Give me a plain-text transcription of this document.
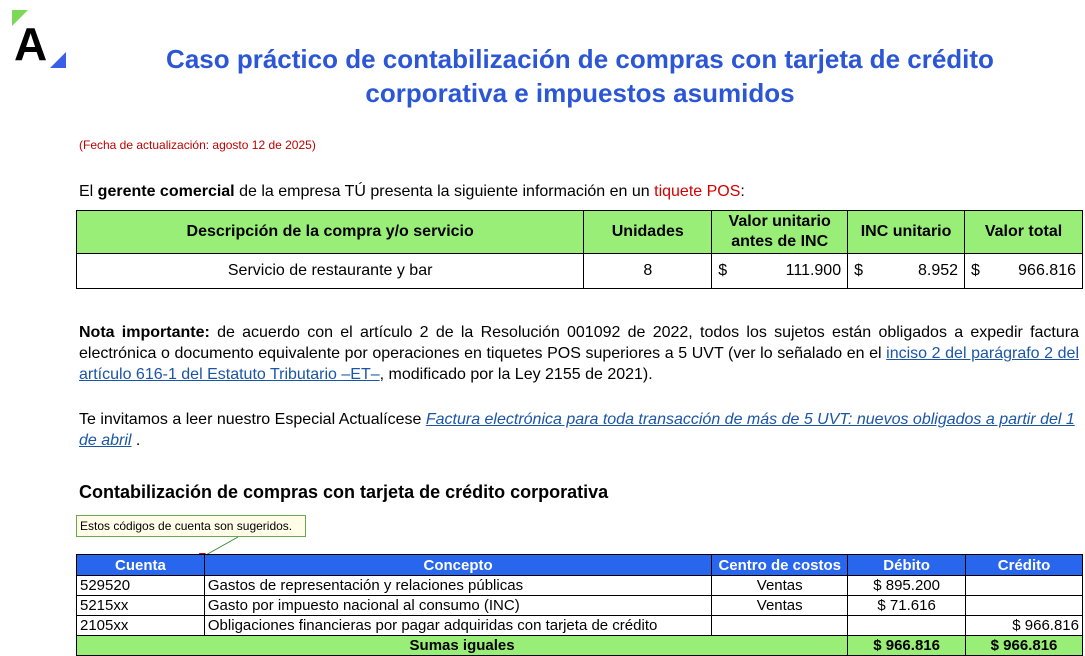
A	Caso práctico de contabilización de compras con tarjeta de crédito corporativa e impuestos asumidos
(Fecha de actualización: agosto 12 de 2025)
El gerente comercial de la empresa TÚ presenta la siguiente información en un tiquete POS:
Descripción de la compra y/o servicio	Unidades	Valor unitario antes de INC	INC unitario	Valor total
Servicio de restaurante y bar	8	$ 111.900	$ 8.952	$ 966.816
Nota importante: de acuerdo con el artículo 2 de la Resolución 001092 de 2022, todos los sujetos están obligados a expedir factura electrónica o documento equivalente por operaciones en tiquetes POS superiores a 5 UVT (ver lo señalado en el inciso 2 del parágrafo 2 del artículo 616-1 del Estatuto Tributario –ET–, modificado por la Ley 2155 de 2021).
Te invitamos a leer nuestro Especial Actualícese Factura electrónica para toda transacción de más de 5 UVT: nuevos obligados a partir del 1 de abril .
Contabilización de compras con tarjeta de crédito corporativa
Estos códigos de cuenta son sugeridos.
Cuenta	Concepto	Centro de costos	Débito	Crédito
529520	Gastos de representación y relaciones públicas	Ventas	$ 895.200	
5215xx	Gasto por impuesto nacional al consumo (INC)	Ventas	$ 71.616	
2105xx	Obligaciones financieras por pagar adquiridas con tarjeta de crédito			$ 966.816
Sumas iguales			$ 966.816	$ 966.816
